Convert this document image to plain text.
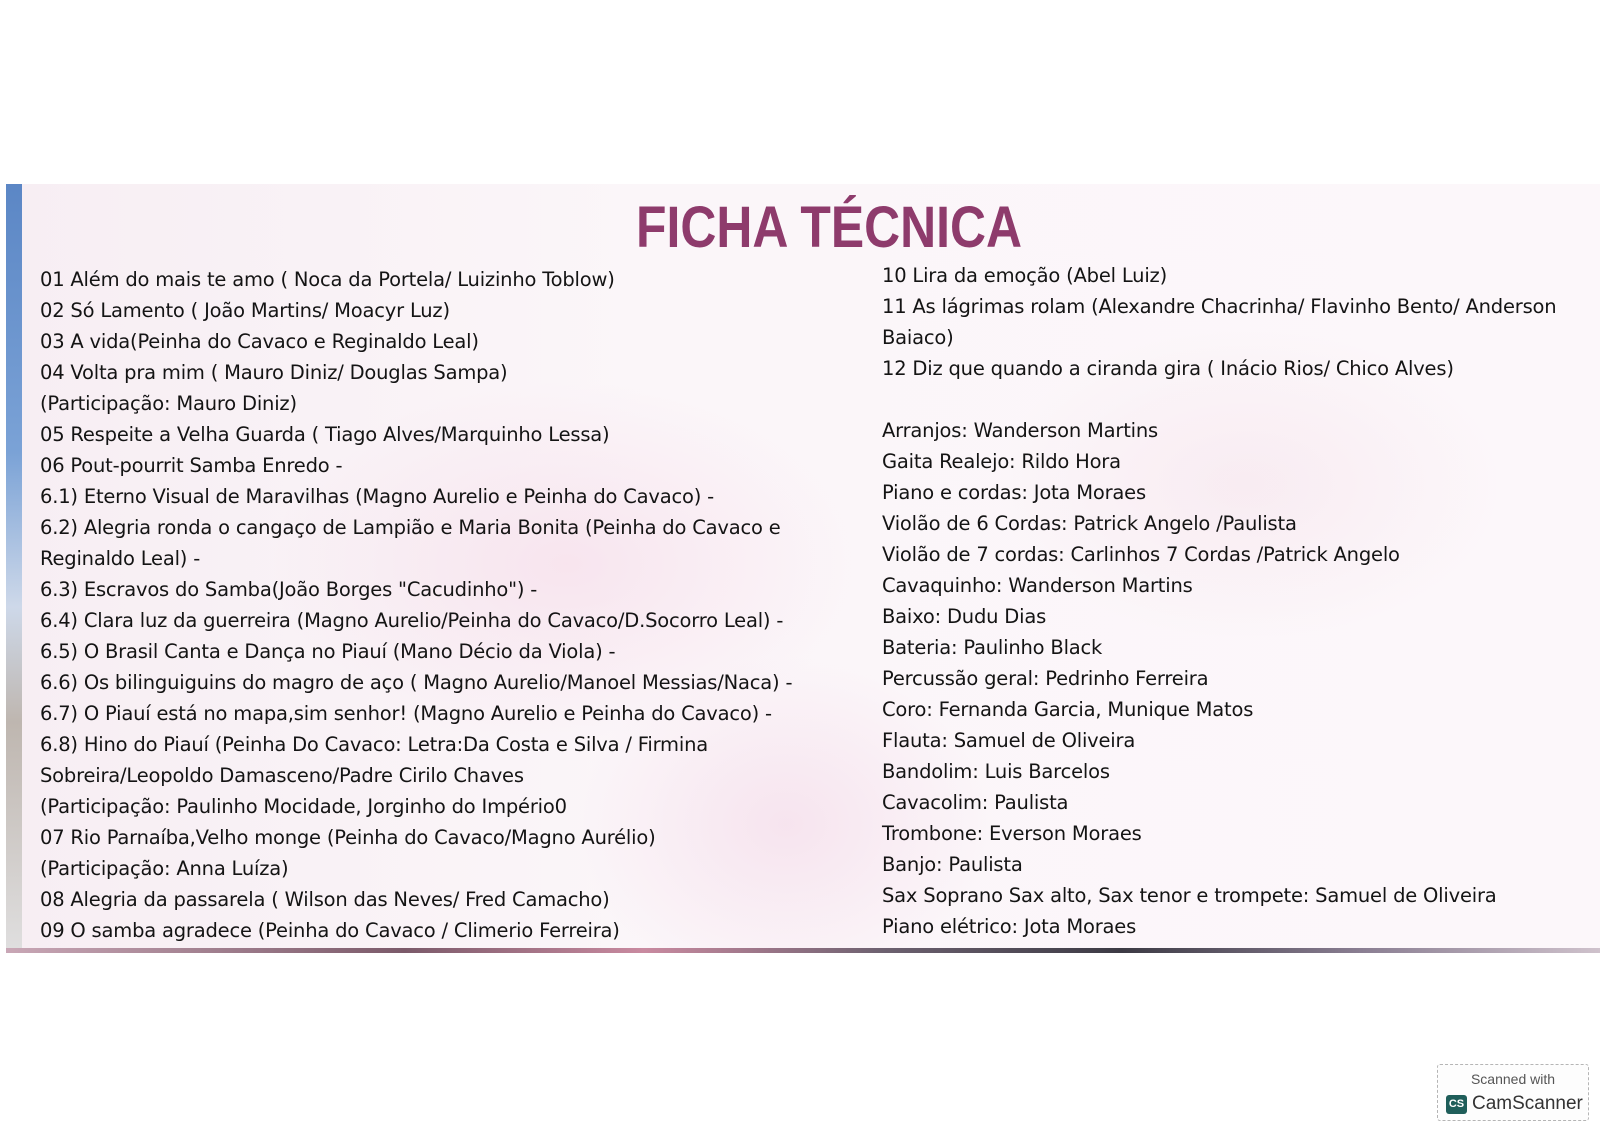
FICHA TÉCNICA
01 Além do mais te amo ( Noca da Portela/ Luizinho Toblow)
02 Só Lamento ( João Martins/ Moacyr Luz)
03 A vida(Peinha do Cavaco e Reginaldo Leal)
04 Volta pra mim ( Mauro Diniz/ Douglas Sampa)
(Participação: Mauro Diniz)
05 Respeite a Velha Guarda ( Tiago Alves/Marquinho Lessa)
06 Pout-pourrit Samba Enredo -
6.1) Eterno Visual de Maravilhas (Magno Aurelio e Peinha do Cavaco) -
6.2) Alegria ronda o cangaço de Lampião e Maria Bonita (Peinha do Cavaco e
Reginaldo Leal) -
6.3) Escravos do Samba(João Borges "Cacudinho") -
6.4) Clara luz da guerreira (Magno Aurelio/Peinha do Cavaco/D.Socorro Leal) -
6.5) O Brasil Canta e Dança no Piauí (Mano Décio da Viola) -
6.6) Os bilinguiguins do magro de aço ( Magno Aurelio/Manoel Messias/Naca) -
6.7) O Piauí está no mapa,sim senhor! (Magno Aurelio e Peinha do Cavaco) -
6.8) Hino do Piauí (Peinha Do Cavaco: Letra:Da Costa e Silva / Firmina
Sobreira/Leopoldo Damasceno/Padre Cirilo Chaves
(Participação: Paulinho Mocidade, Jorginho do Império0
07 Rio Parnaíba,Velho monge (Peinha do Cavaco/Magno Aurélio)
(Participação: Anna Luíza)
08 Alegria da passarela ( Wilson das Neves/ Fred Camacho)
09 O samba agradece (Peinha do Cavaco / Climerio Ferreira)
10 Lira da emoção (Abel Luiz)
11 As lágrimas rolam (Alexandre Chacrinha/ Flavinho Bento/ Anderson
Baiaco)
12 Diz que quando a ciranda gira ( Inácio Rios/ Chico Alves)
Arranjos: Wanderson Martins
Gaita Realejo: Rildo Hora
Piano e cordas: Jota Moraes
Violão de 6 Cordas: Patrick Angelo /Paulista
Violão de 7 cordas: Carlinhos 7 Cordas /Patrick Angelo
Cavaquinho: Wanderson Martins
Baixo: Dudu Dias
Bateria: Paulinho Black
Percussão geral: Pedrinho Ferreira
Coro: Fernanda Garcia, Munique Matos
Flauta: Samuel de Oliveira
Bandolim: Luis Barcelos
Cavacolim: Paulista
Trombone: Everson Moraes
Banjo: Paulista
Sax Soprano Sax alto, Sax tenor e trompete: Samuel de Oliveira
Piano elétrico: Jota Moraes
Scanned with
CS CamScanner
